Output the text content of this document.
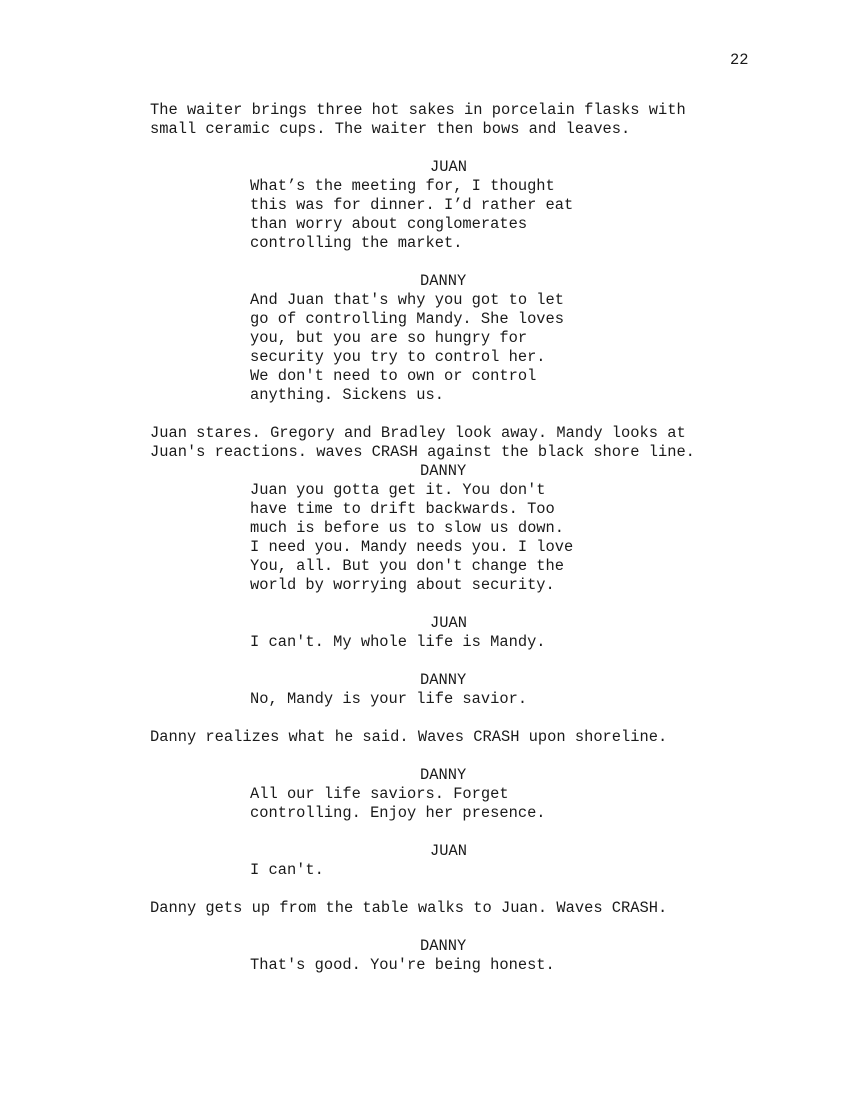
22
The waiter brings three hot sakes in porcelain flasks with
small ceramic cups. The waiter then bows and leaves.
JUAN
What’s the meeting for, I thought
this was for dinner. I’d rather eat
than worry about conglomerates
controlling the market.
DANNY
And Juan that's why you got to let
go of controlling Mandy. She loves
you, but you are so hungry for
security you try to control her.
We don't need to own or control
anything. Sickens us.
Juan stares. Gregory and Bradley look away. Mandy looks at
Juan's reactions. waves CRASH against the black shore line.
DANNY
Juan you gotta get it. You don't
have time to drift backwards. Too
much is before us to slow us down.
I need you. Mandy needs you. I love
You, all. But you don't change the
world by worrying about security.
JUAN
I can't. My whole life is Mandy.
DANNY
No, Mandy is your life savior.
Danny realizes what he said. Waves CRASH upon shoreline.
DANNY
All our life saviors. Forget
controlling. Enjoy her presence.
JUAN
I can't.
Danny gets up from the table walks to Juan. Waves CRASH.
DANNY
That's good. You're being honest.
